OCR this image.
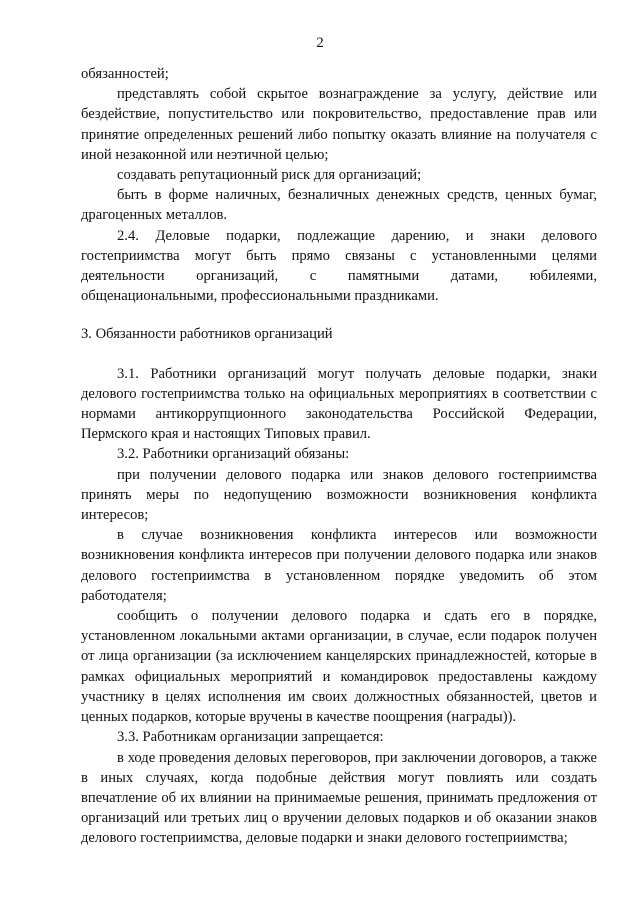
2

обязанностей;

представлять собой скрытое вознаграждение за услугу, действие или бездействие, попустительство или покровительство, предоставление прав или принятие определенных решений либо попытку оказать влияние на получателя с иной незаконной или неэтичной целью;

создавать репутационный риск для организаций;

быть в форме наличных, безналичных денежных средств, ценных бумаг, драгоценных металлов.

2.4. Деловые подарки, подлежащие дарению, и знаки делового гостеприимства могут быть прямо связаны с установленными целями деятельности организаций, с памятными датами, юбилеями, общенациональными, профессиональными праздниками.

3. Обязанности работников организаций

3.1. Работники организаций могут получать деловые подарки, знаки делового гостеприимства только на официальных мероприятиях в соответствии с нормами антикоррупционного законодательства Российской Федерации, Пермского края и настоящих Типовых правил.

3.2. Работники организаций обязаны:

при получении делового подарка или знаков делового гостеприимства принять меры по недопущению возможности возникновения конфликта интересов;

в случае возникновения конфликта интересов или возможности возникновения конфликта интересов при получении делового подарка или знаков делового гостеприимства в установленном порядке уведомить об этом работодателя;

сообщить о получении делового подарка и сдать его в порядке, установленном локальными актами организации, в случае, если подарок получен от лица организации (за исключением канцелярских принадлежностей, которые в рамках официальных мероприятий и командировок предоставлены каждому участнику в целях исполнения им своих должностных обязанностей, цветов и ценных подарков, которые вручены в качестве поощрения (награды)).

3.3. Работникам организации запрещается:

в ходе проведения деловых переговоров, при заключении договоров, а также в иных случаях, когда подобные действия могут повлиять или создать впечатление об их влиянии на принимаемые решения, принимать предложения от организаций или третьих лиц о вручении деловых подарков и об оказании знаков делового гостеприимства, деловые подарки и знаки делового гостеприимства;
